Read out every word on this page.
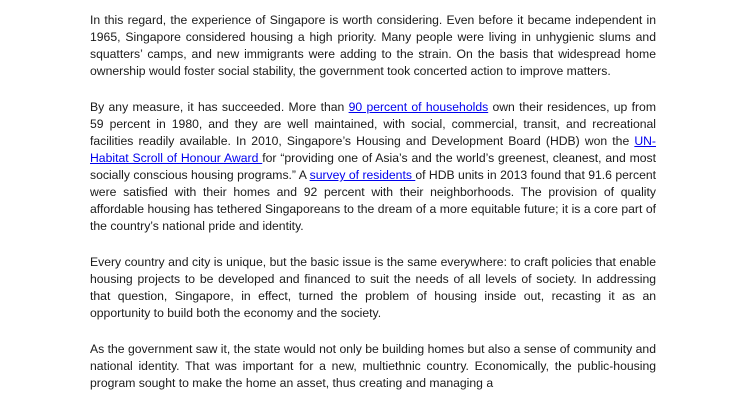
In this regard, the experience of Singapore is worth considering. Even before it became independent in 1965, Singapore considered housing a high priority. Many people were living in unhygienic slums and squatters’ camps, and new immigrants were adding to the strain. On the basis that widespread home ownership would foster social stability, the government took concerted action to improve matters.

By any measure, it has succeeded. More than 90 percent of households own their residences, up from 59 percent in 1980, and they are well maintained, with social, commercial, transit, and recreational facilities readily available. In 2010, Singapore’s Housing and Development Board (HDB) won the UN-Habitat Scroll of Honour Award for “providing one of Asia’s and the world’s greenest, cleanest, and most socially conscious housing programs.” A survey of residents of HDB units in 2013 found that 91.6 percent were satisfied with their homes and 92 percent with their neighborhoods. The provision of quality affordable housing has tethered Singaporeans to the dream of a more equitable future; it is a core part of the country’s national pride and identity.

Every country and city is unique, but the basic issue is the same everywhere: to craft policies that enable housing projects to be developed and financed to suit the needs of all levels of society. In addressing that question, Singapore, in effect, turned the problem of housing inside out, recasting it as an opportunity to build both the economy and the society.

As the government saw it, the state would not only be building homes but also a sense of community and national identity. That was important for a new, multiethnic country. Economically, the public-housing program sought to make the home an asset, thus creating and managing a
